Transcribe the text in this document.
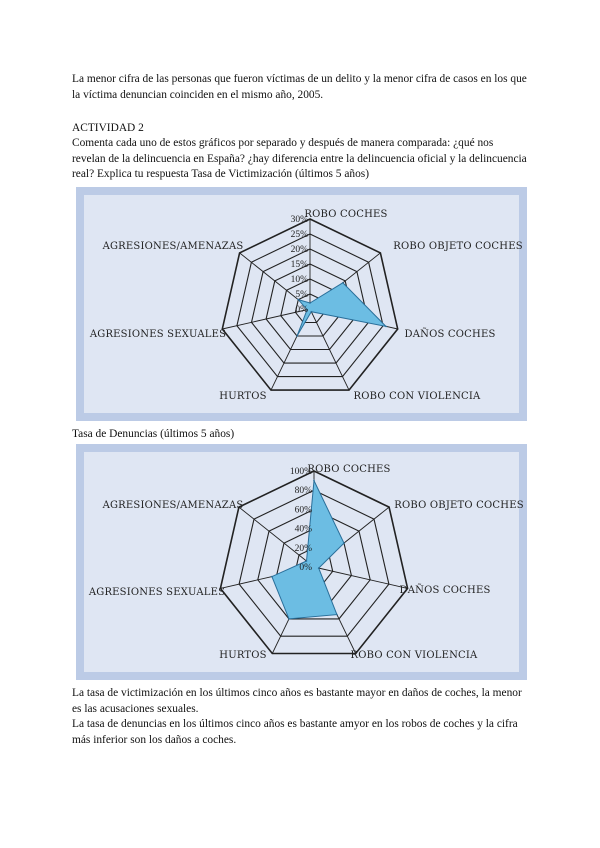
La menor cifra de las personas que fueron víctimas de un delito y la menor cifra de casos en los que
la víctima denuncian coinciden en el mismo año, 2005.
ACTIVIDAD 2
Comenta cada uno de estos gráficos por separado y después de manera comparada: ¿qué nos
revelan de la delincuencia en España? ¿hay diferencia entre la delincuencia oficial y la delincuencia
real? Explica tu respuesta Tasa de Victimización (últimos 5 años)
0%
5%
10%
15%
20%
25%
30%
ROBO COCHES
ROBO OBJETO COCHES
DAÑOS COCHES
ROBO CON VIOLENCIA
HURTOS
AGRESIONES SEXUALES
AGRESIONES/AMENAZAS
Tasa de Denuncias (últimos 5 años)
0%
20%
40%
60%
80%
100%
ROBO COCHES
ROBO OBJETO COCHES
DAÑOS COCHES
ROBO CON VIOLENCIA
HURTOS
AGRESIONES SEXUALES
AGRESIONES/AMENAZAS
La tasa de victimización en los últimos cinco años es bastante mayor en daños de coches, la menor
es las acusaciones sexuales.
La tasa de denuncias en los últimos cinco años es bastante amyor en los robos de coches y la cifra
más inferior son los daños a coches.
